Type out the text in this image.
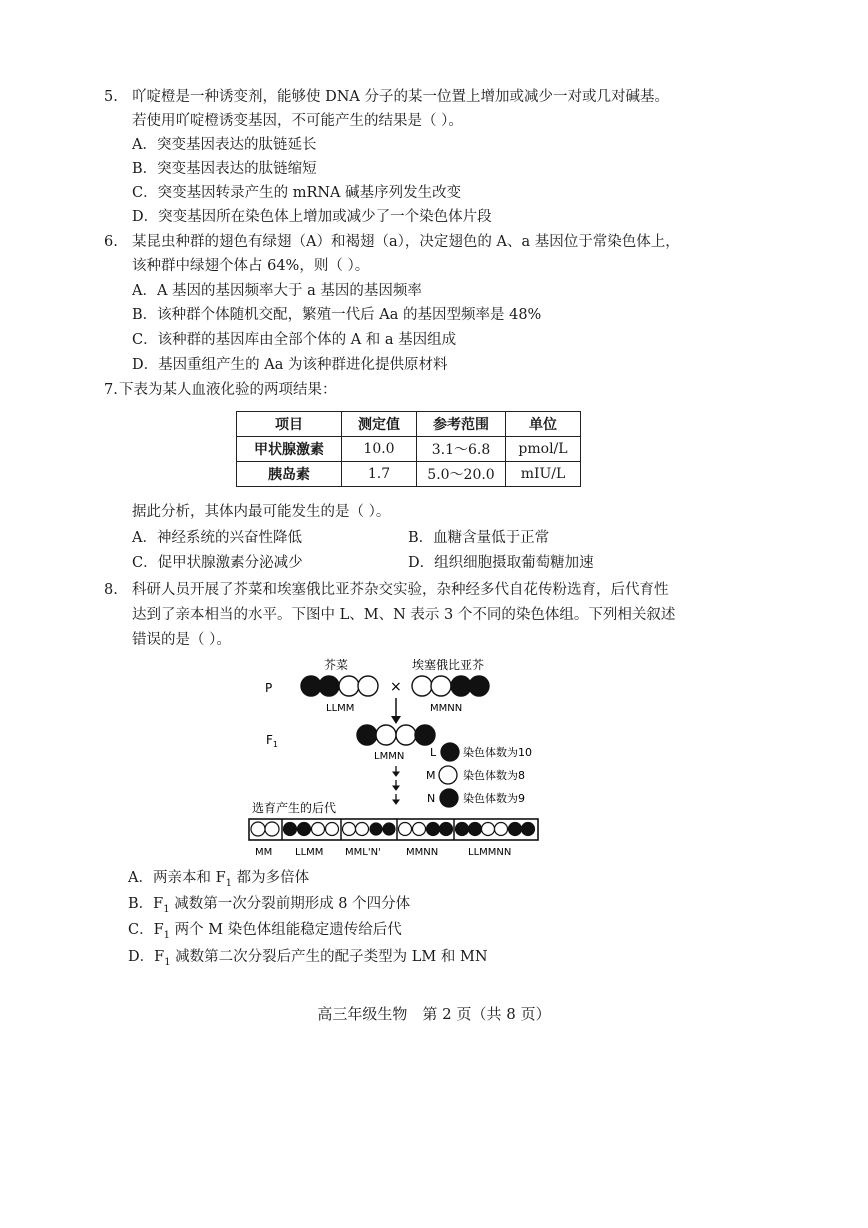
5. 吖啶橙是一种诱变剂，能够使 DNA 分子的某一位置上增加或减少一对或几对碱基。
若使用吖啶橙诱变基因，不可能产生的结果是（ ）。
A．突变基因表达的肽链延长
B．突变基因表达的肽链缩短
C．突变基因转录产生的 mRNA 碱基序列发生改变
D．突变基因所在染色体上增加或减少了一个染色体片段
6. 某昆虫种群的翅色有绿翅（A）和褐翅（a），决定翅色的 A、a 基因位于常染色体上，
该种群中绿翅个体占 64%，则（ ）。
A．A 基因的基因频率大于 a 基因的基因频率
B．该种群个体随机交配，繁殖一代后 Aa 的基因型频率是 48%
C．该种群的基因库由全部个体的 A 和 a 基因组成
D．基因重组产生的 Aa 为该种群进化提供原材料
7. 下表为某人血液化验的两项结果：
项目	测定值	参考范围	单位
甲状腺激素	10.0	3.1～6.8	pmol/L
胰岛素	1.7	5.0～20.0	mIU/L
据此分析，其体内最可能发生的是（ ）。
A．神经系统的兴奋性降低	B．血糖含量低于正常
C．促甲状腺激素分泌减少	D．组织细胞摄取葡萄糖加速
8. 科研人员开展了芥菜和埃塞俄比亚芥杂交实验，杂种经多代自花传粉选育，后代育性
达到了亲本相当的水平。下图中 L、M、N 表示 3 个不同的染色体组。下列相关叙述
错误的是（ ）。
芥菜	埃塞俄比亚芥
P	×
LLMM	MMNN
$F_1$
LMMN L 染色体数为10
M	染色体数为8
N	染色体数为9
选育产生的后代
MM LLMM MML'N'	MMNN	LLMMNN
A．两亲本和 $F_1$ 都为多倍体
B．$F_1$ 减数第一次分裂前期形成 8 个四分体
C．$F_1$ 两个 M 染色体组能稳定遗传给后代
D．$F_1$ 减数第二次分裂后产生的配子类型为 LM 和 MN
高三年级生物　第 2 页（共 8 页）
